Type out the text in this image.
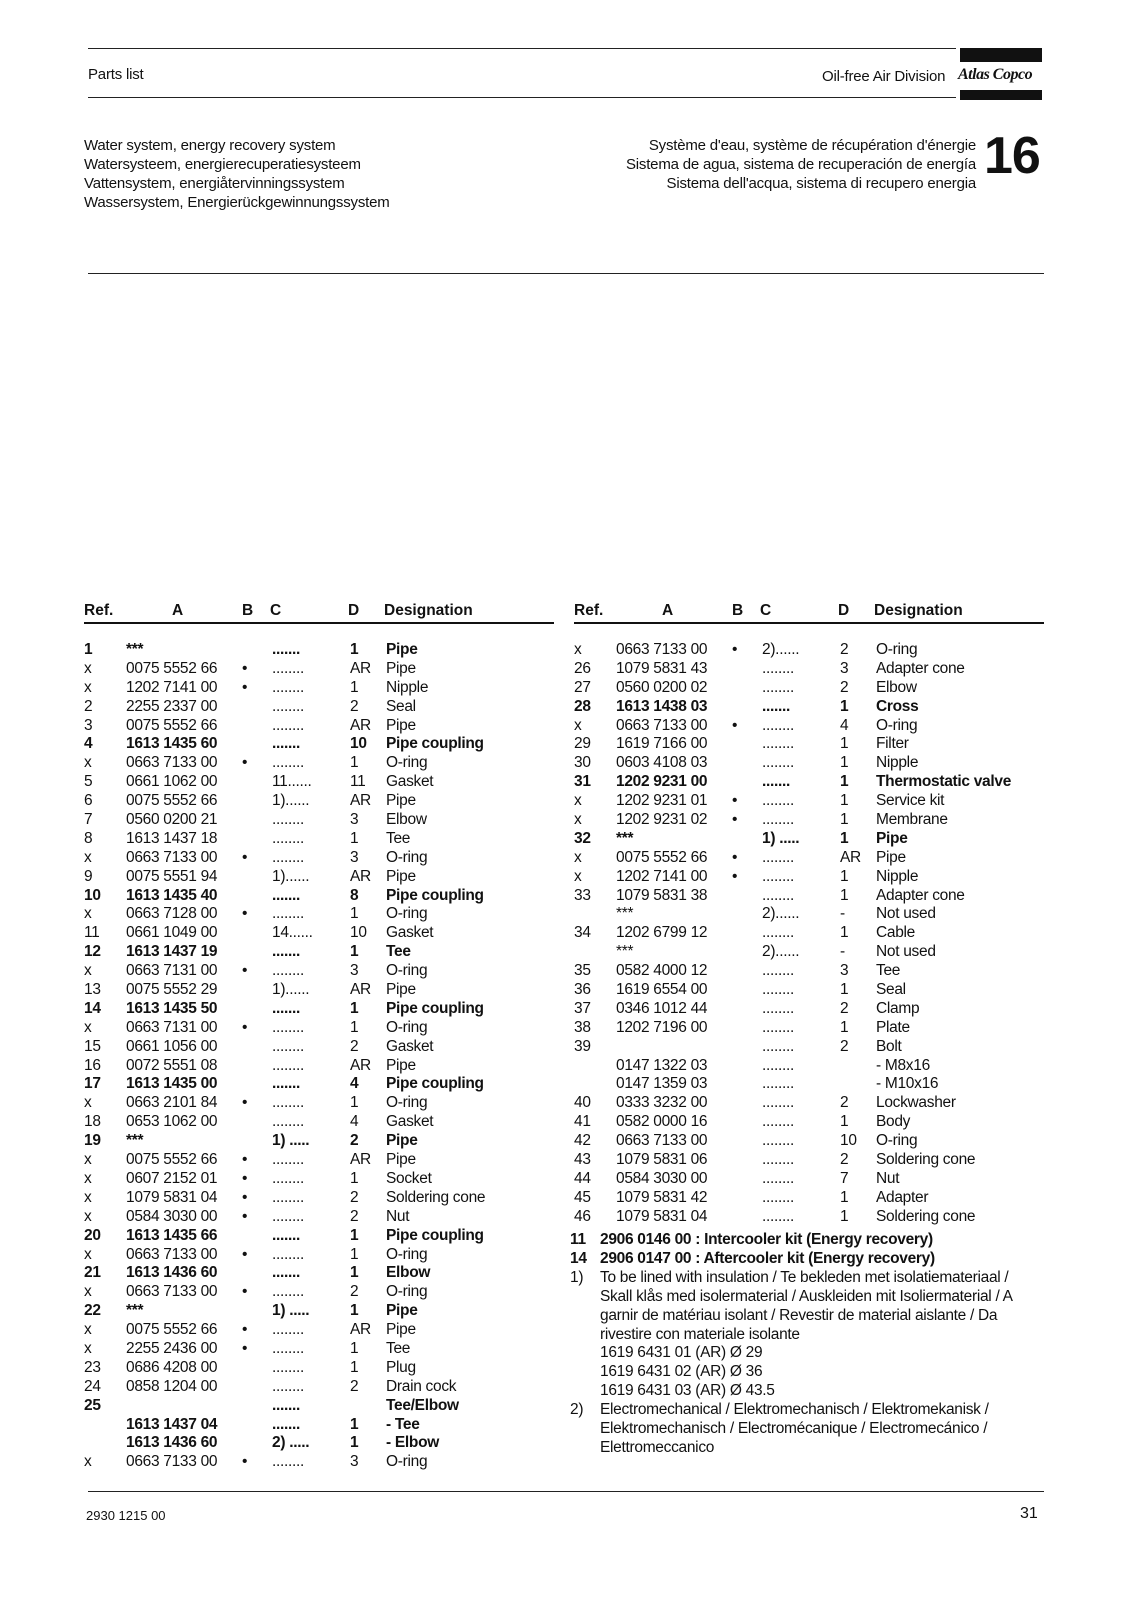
Parts list	Oil-free Air Division Atlas Copco
Water system, energy recovery system
Watersysteem, energierecuperatiesysteem
Vattensystem, energiåtervinningssystem
Wassersystem, Energierückgewinnungssystem
Système d'eau, système de récupération d'énergie
Sistema de agua, sistema de recuperación de energía
Sistema dell'acqua, sistema di recupero energia 16
Ref.	A	B C	D Designation
1 ***	.......	1 Pipe
x 0075 5552 66 • ........	AR Pipe
x 1202 7141 00 • ........	1 Nipple
2 2255 2337 00	........	2 Seal
3 0075 5552 66	........	AR Pipe
4 1613 1435 60	.......	10 Pipe coupling
x 0663 7133 00 • ........	1 O-ring
5 0661 1062 00	11......	11 Gasket
6 0075 5552 66	1)......	AR Pipe
7 0560 0200 21	........	3 Elbow
8 1613 1437 18	........	1 Tee
x 0663 7133 00 • ........	3 O-ring
9 0075 5551 94	1)......	AR Pipe
10 1613 1435 40	.......	8 Pipe coupling
x 0663 7128 00 • ........	1 O-ring
11 0661 1049 00	14......	10 Gasket
12 1613 1437 19	.......	1 Tee
x 0663 7131 00 • ........	3 O-ring
13 0075 5552 29	1)......	AR Pipe
14 1613 1435 50	.......	1 Pipe coupling
x 0663 7131 00 • ........	1 O-ring
15 0661 1056 00	........	2 Gasket
16 0072 5551 08	........	AR Pipe
17 1613 1435 00	.......	4 Pipe coupling
x 0663 2101 84 • ........	1 O-ring
18 0653 1062 00	........	4 Gasket
19 ***	1) .....	2 Pipe
x 0075 5552 66 • ........	AR Pipe
x 0607 2152 01 • ........	1 Socket
x 1079 5831 04 • ........	2 Soldering cone
x 0584 3030 00 • ........	2 Nut
20 1613 1435 66	.......	1 Pipe coupling
x 0663 7133 00 • ........	1 O-ring
21 1613 1436 60	.......	1 Elbow
x 0663 7133 00 • ........	2 O-ring
22 ***	1) .....	1 Pipe
x 0075 5552 66 • ........	AR Pipe
x 2255 2436 00 • ........	1 Tee
23 0686 4208 00	........	1 Plug
24 0858 1204 00	........	2 Drain cock
25	.......	Tee/Elbow
1613 1437 04	.......	1 - Tee
1613 1436 60	2) .....	1 - Elbow
x 0663 7133 00 • ........	3 O-ring
Ref.	A	B C	D Designation
x 0663 7133 00 • 2)......	2 O-ring
26 1079 5831 43	........	3 Adapter cone
27 0560 0200 02	........	2 Elbow
28 1613 1438 03	.......	1 Cross
x 0663 7133 00 • ........	4 O-ring
29 1619 7166 00	........	1 Filter
30 0603 4108 03	........	1 Nipple
31 1202 9231 00	.......	1 Thermostatic valve
x 1202 9231 01 • ........	1 Service kit
x 1202 9231 02 • ........	1 Membrane
32 ***	1) .....	1 Pipe
x 0075 5552 66 • ........	AR Pipe
x 1202 7141 00 • ........	1 Nipple
33 1079 5831 38	........	1 Adapter cone
***	2)......	- Not used
34 1202 6799 12	........	1 Cable
***	2)......	- Not used
35 0582 4000 12	........	3 Tee
36 1619 6554 00	........	1 Seal
37 0346 1012 44	........	2 Clamp
38 1202 7196 00	........	1 Plate
39	........	2 Bolt
0147 1322 03	........	- M8x16
0147 1359 03	........	- M10x16
40 0333 3232 00	........	2 Lockwasher
41 0582 0000 16	........	1 Body
42 0663 7133 00	........	10 O-ring
43 1079 5831 06	........	2 Soldering cone
44 0584 3030 00	........	7 Nut
45 1079 5831 42	........	1 Adapter
46 1079 5831 04	........	1 Soldering cone
11 2906 0146 00 : Intercooler kit (Energy recovery)
14 2906 0147 00 : Aftercooler kit (Energy recovery)
1) To be lined with insulation / Te bekleden met isolatiemateriaal /
Skall klås med isolermaterial / Auskleiden mit Isoliermaterial / A
garnir de matériau isolant / Revestir de material aislante / Da
rivestire con materiale isolante
1619 6431 01 (AR) Ø 29
1619 6431 02 (AR) Ø 36
1619 6431 03 (AR) Ø 43.5
2) Electromechanical / Elektromechanisch / Elektromekanisk /
Elektromechanisch / Electromécanique / Electromecánico /
Elettromeccanico
2930 1215 00	31
